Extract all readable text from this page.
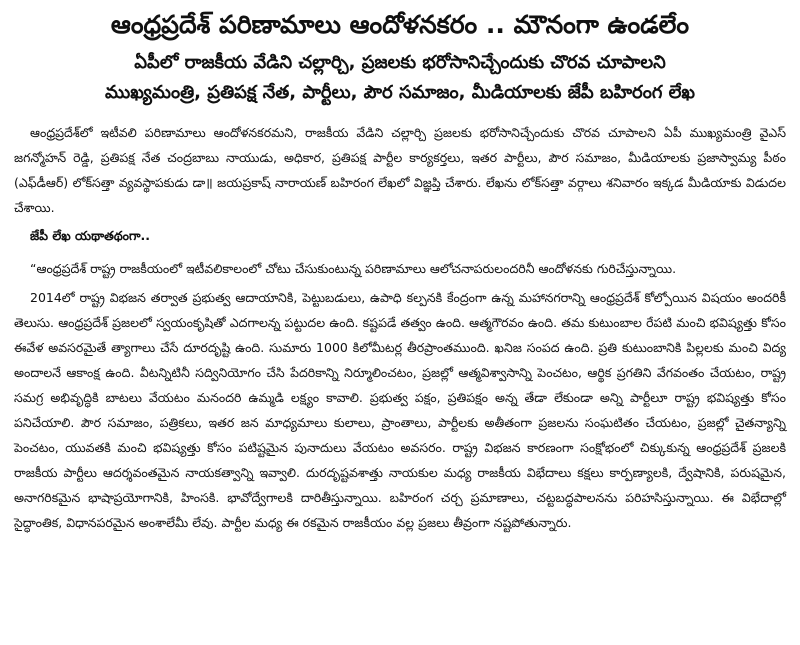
ఆంధ్రప్రదేశ్ పరిణామాలు ఆందోళనకరం .. మౌనంగా ఉండలేం
ఏపీలో రాజకీయ వేడిని చల్లార్చి, ప్రజలకు భరోసానిచ్చేందుకు చొరవ చూపాలని
ముఖ్యమంత్రి, ప్రతిపక్ష నేత, పార్టీలు, పౌర సమాజం, మీడియాలకు జేపీ బహిరంగ లేఖ

ఆంధ్రప్రదేశ్‌లో ఇటీవలి పరిణామాలు ఆందోళనకరమని, రాజకీయ వేడిని చల్లార్చి ప్రజలకు భరోసానిచ్చేందుకు చొరవ చూపాలని ఏపీ ముఖ్యమంత్రి వైఎస్ జగన్మోహన్ రెడ్డి, ప్రతిపక్ష నేత చంద్రబాబు నాయుడు, అధికార, ప్రతిపక్ష పార్టీల కార్యకర్తలు, ఇతర పార్టీలు, పౌర సమాజం, మీడియాలకు ప్రజాస్వామ్య పీఠం (ఎఫ్‌డీఆర్) లోక్‌సత్తా వ్యవస్థాపకుడు డా॥ జయప్రకాష్ నారాయణ్ బహిరంగ లేఖలో విజ్ఞప్తి చేశారు. లేఖను లోక్‌సత్తా వర్గాలు శనివారం ఇక్కడ మీడియాకు విడుదల చేశాయి.

జేపీ లేఖ యథాతథంగా..

“ఆంధ్రప్రదేశ్ రాష్ట్ర రాజకీయంలో ఇటీవలికాలంలో చోటు చేసుకుంటున్న పరిణామాలు ఆలోచనాపరులందరినీ ఆందోళనకు గురిచేస్తున్నాయి.

2014లో రాష్ట్ర విభజన తర్వాత ప్రభుత్వ ఆదాయానికి, పెట్టుబడులు, ఉపాధి కల్పనకి కేంద్రంగా ఉన్న మహానగరాన్ని ఆంధ్రప్రదేశ్ కోల్పోయిన విషయం అందరికీ తెలుసు. ఆంధ్రప్రదేశ్ ప్రజలలో స్వయంకృషితో ఎదగాలన్న పట్టుదల ఉంది. కష్టపడే తత్వం ఉంది. ఆత్మగౌరవం ఉంది. తమ కుటుంబాల రేపటి మంచి భవిష్యత్తు కోసం ఈవేళ అవసరమైతే త్యాగాలు చేసే దూరదృష్టి ఉంది. సుమారు 1000 కిలోమీటర్ల తీరప్రాంతముంది. ఖనిజ సంపద ఉంది. ప్రతి కుటుంబానికి పిల్లలకు మంచి విద్య అందాలనే ఆకాంక్ష ఉంది. వీటన్నిటినీ సద్వినియోగం చేసి పేదరికాన్ని నిర్మూలించటం, ప్రజల్లో ఆత్మవిశ్వాసాన్ని పెంచటం, ఆర్థిక ప్రగతిని వేగవంతం చేయటం, రాష్ట్ర సమగ్ర అభివృద్ధికి బాటలు వేయటం మనందరి ఉమ్మడి లక్ష్యం కావాలి. ప్రభుత్వ పక్షం, ప్రతిపక్షం అన్న తేడా లేకుండా అన్ని పార్టీలూ రాష్ట్ర భవిష్యత్తు కోసం పనిచేయాలి. పౌర సమాజం, పత్రికలు, ఇతర జన మాధ్యమాలు కులాలు, ప్రాంతాలు, పార్టీలకు అతీతంగా ప్రజలను సంఘటితం చేయటం, ప్రజల్లో చైతన్యాన్ని పెంచటం, యువతకి మంచి భవిష్యత్తు కోసం పటిష్టమైన పునాదులు వేయటం అవసరం. రాష్ట్ర విభజన కారణంగా సంక్షోభంలో చిక్కుకున్న ఆంధ్రప్రదేశ్ ప్రజలకి రాజకీయ పార్టీలు ఆదర్శవంతమైన నాయకత్వాన్ని ఇవ్వాలి. దురదృష్టవశాత్తు నాయకుల మధ్య రాజకీయ విభేదాలు కక్షలు కార్పణ్యాలకి, ద్వేషానికి, పరుషమైన, అనాగరికమైన భాషాప్రయోగానికి, హింసకి. భావోద్వేగాలకి దారితీస్తున్నాయి. బహిరంగ చర్చ ప్రమాణాలు, చట్టబద్ధపాలనను పరిహసిస్తున్నాయి. ఈ విభేదాల్లో సైద్ధాంతిక, విధానపరమైన అంశాలేమీ లేవు. పార్టీల మధ్య ఈ రకమైన రాజకీయం వల్ల ప్రజలు తీవ్రంగా నష్టపోతున్నారు.
